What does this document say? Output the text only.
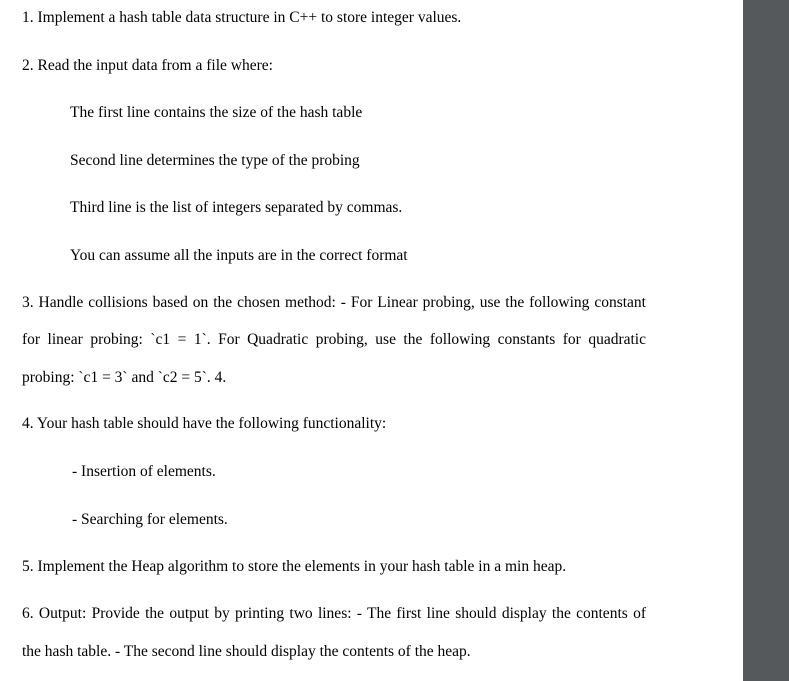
1. Implement a hash table data structure in C++ to store integer values.
2. Read the input data from a file where:
The first line contains the size of the hash table
Second line determines the type of the probing
Third line is the list of integers separated by commas.
You can assume all the inputs are in the correct format
3. Handle collisions based on the chosen method: - For Linear probing, use the following constant
for linear probing: `c1 = 1`. For Quadratic probing, use the following constants for quadratic
probing: `c1 = 3` and `c2 = 5`. 4.
4. Your hash table should have the following functionality:
- Insertion of elements.
- Searching for elements.
5. Implement the Heap algorithm to store the elements in your hash table in a min heap.
6. Output: Provide the output by printing two lines: - The first line should display the contents of
the hash table. - The second line should display the contents of the heap.
